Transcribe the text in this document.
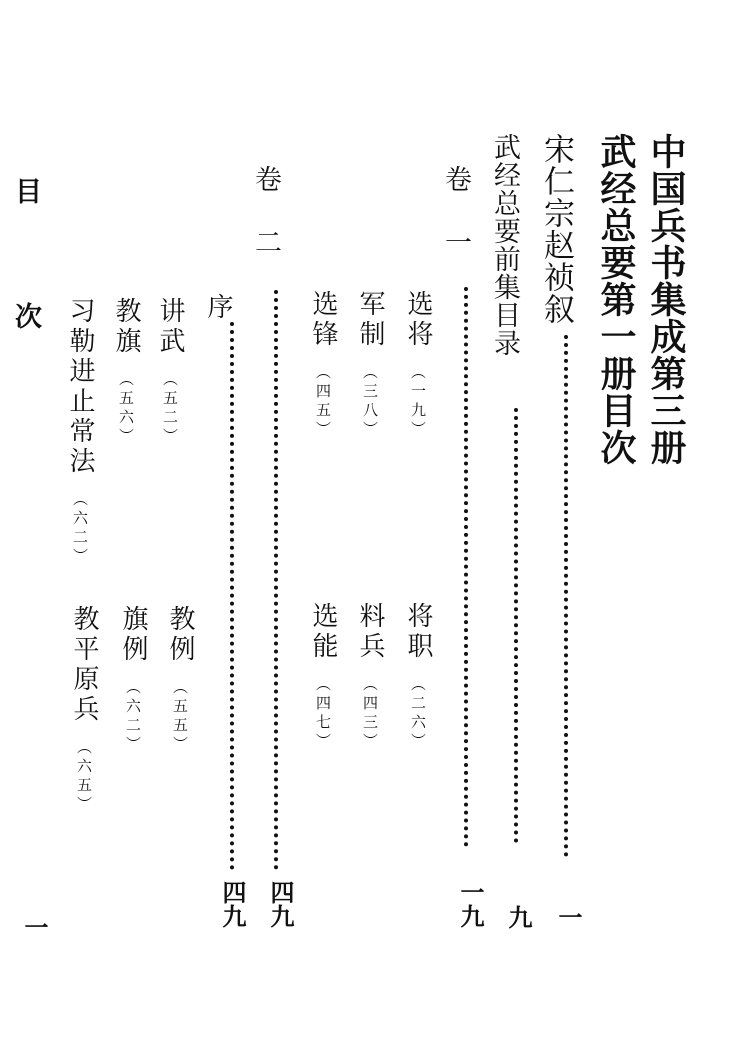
中国兵书集成第三册
武经总要第一册目次
宋仁宗赵祯叙
一
武经总要前集目录
九
卷一
一九
选将
（一九）
将职
（二六）
军制
（三八）
料兵
（四三）
选锋
（四五）
选能
（四七）
卷二
四九
序
四九
讲武
（五二）
教例
（五五）
教旗
（五六）
旗例
（六二）
习勒进止常法
（六二）
教平原兵
（六五）
目
次
一
